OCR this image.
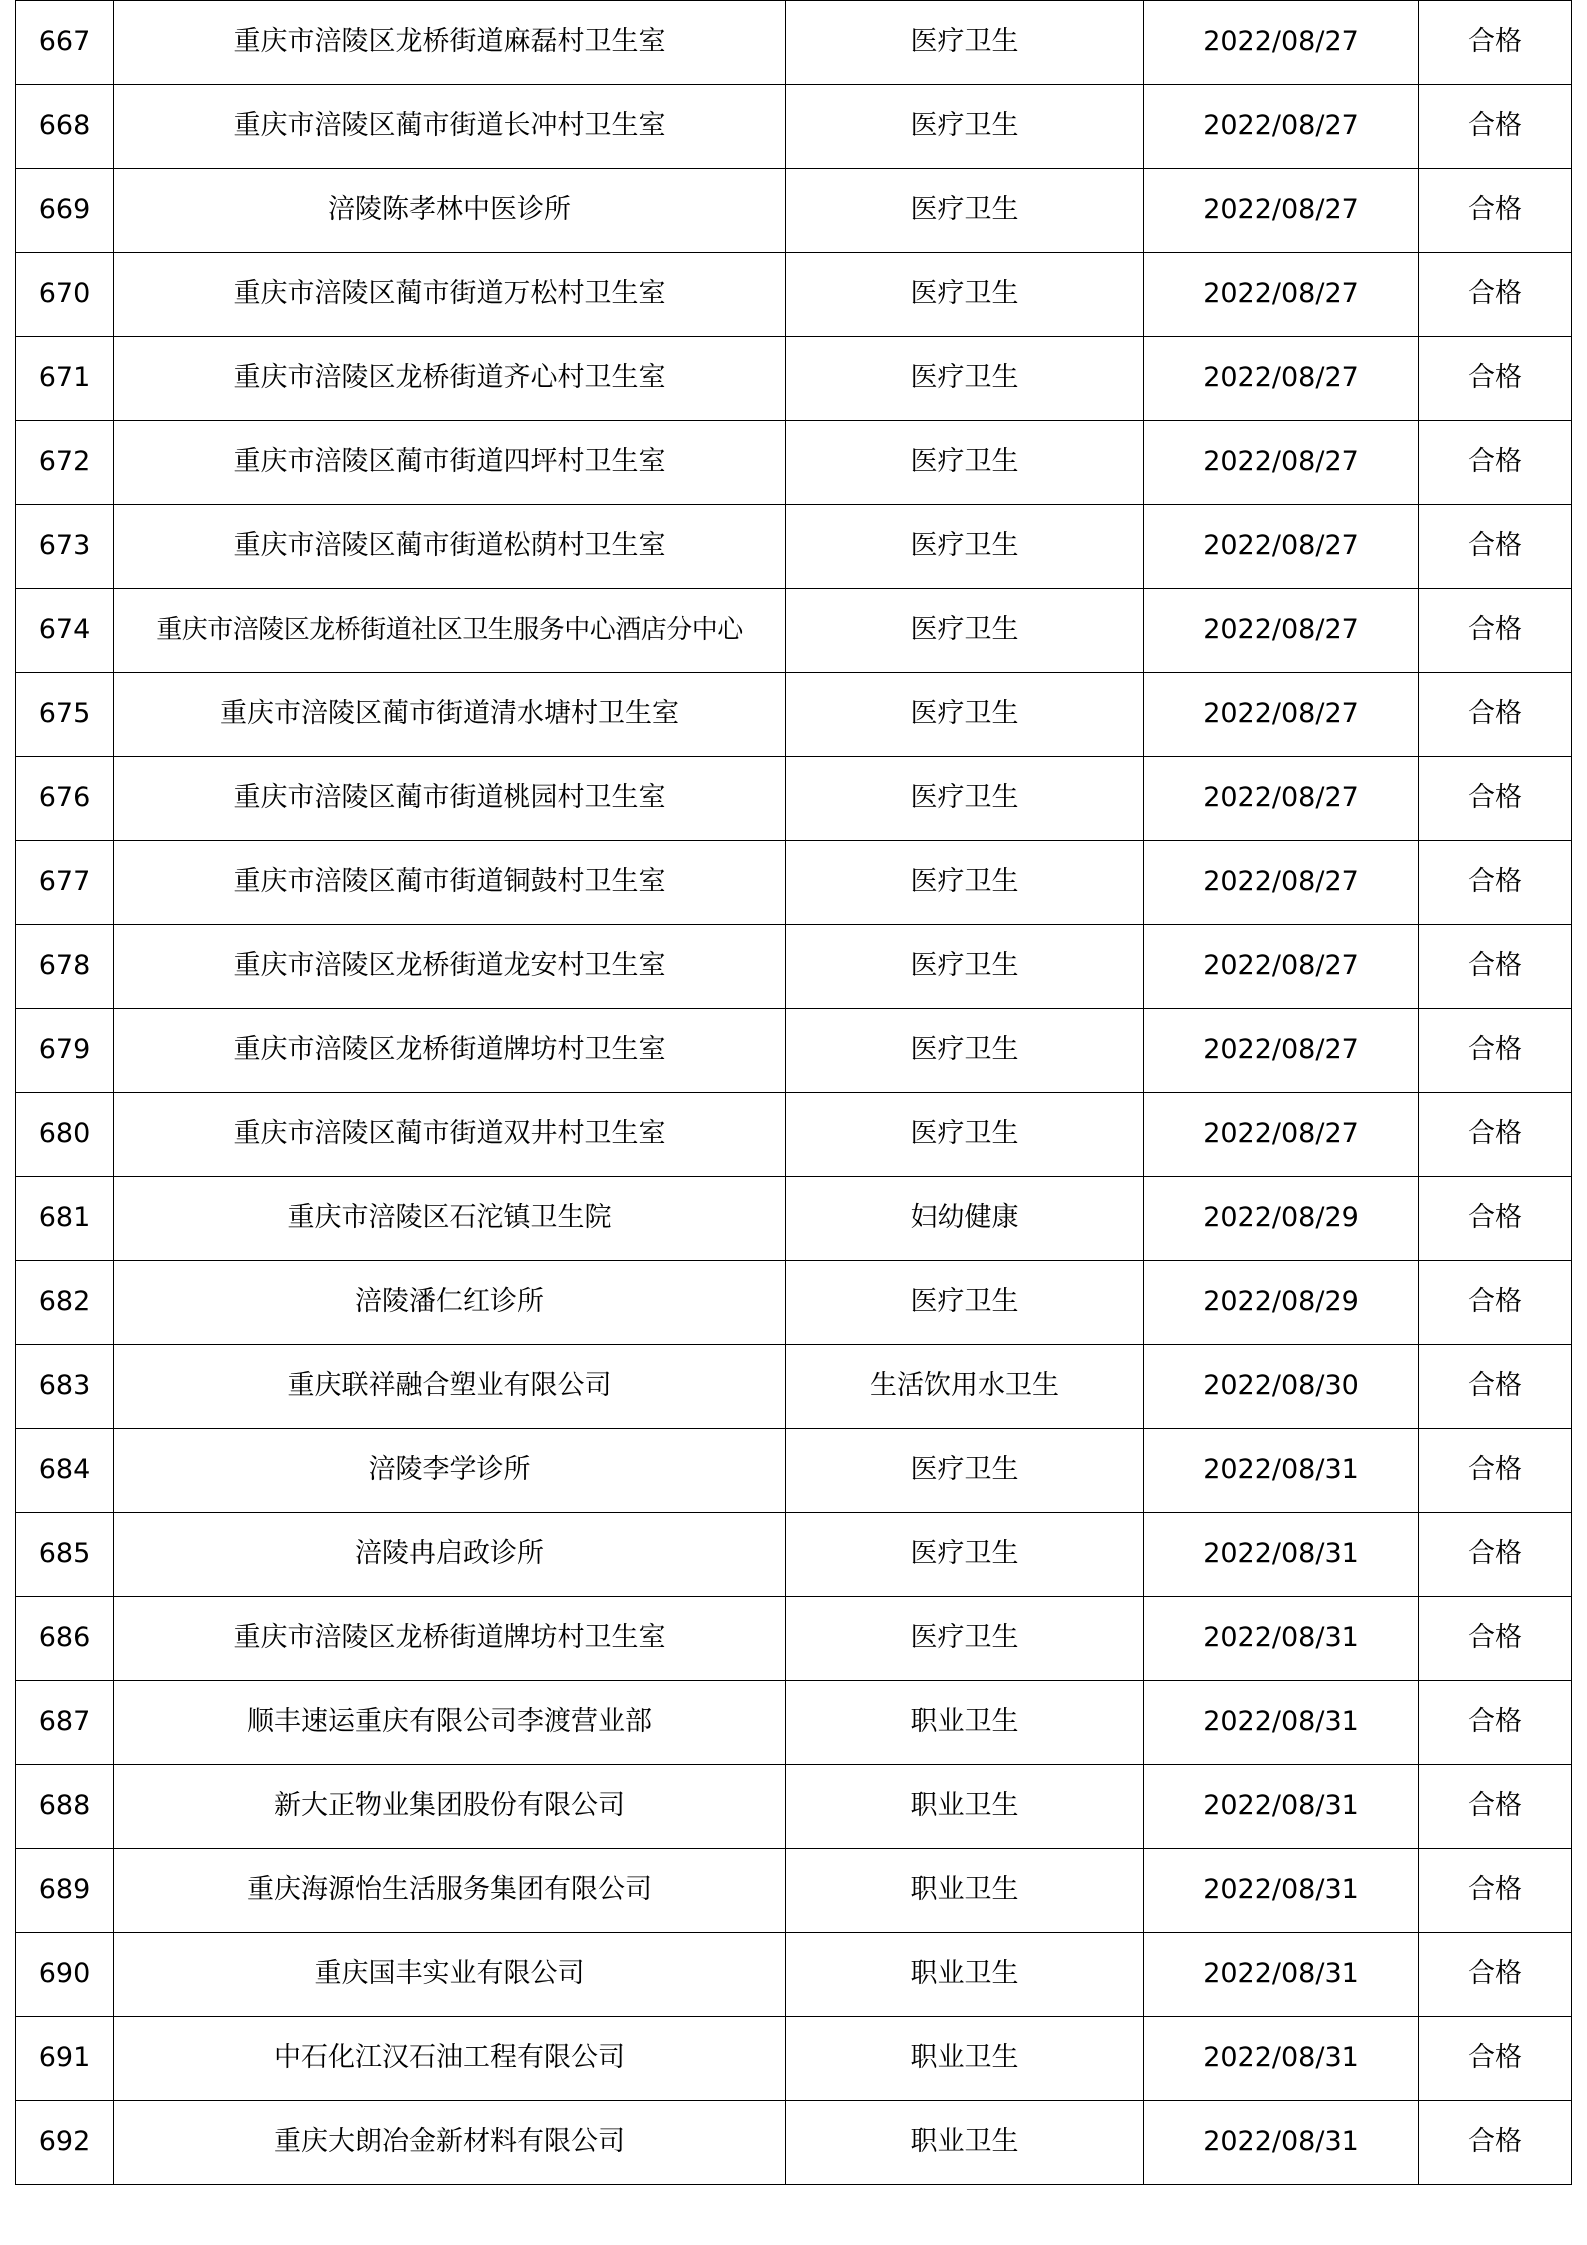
667	重庆市涪陵区龙桥街道麻磊村卫生室	医疗卫生	2022/08/27	合格
668	重庆市涪陵区蔺市街道长冲村卫生室	医疗卫生	2022/08/27	合格
669	涪陵陈孝林中医诊所	医疗卫生	2022/08/27	合格
670	重庆市涪陵区蔺市街道万松村卫生室	医疗卫生	2022/08/27	合格
671	重庆市涪陵区龙桥街道齐心村卫生室	医疗卫生	2022/08/27	合格
672	重庆市涪陵区蔺市街道四坪村卫生室	医疗卫生	2022/08/27	合格
673	重庆市涪陵区蔺市街道松荫村卫生室	医疗卫生	2022/08/27	合格
674	重庆市涪陵区龙桥街道社区卫生服务中心酒店分中心	医疗卫生	2022/08/27	合格
675	重庆市涪陵区蔺市街道清水塘村卫生室	医疗卫生	2022/08/27	合格
676	重庆市涪陵区蔺市街道桃园村卫生室	医疗卫生	2022/08/27	合格
677	重庆市涪陵区蔺市街道铜鼓村卫生室	医疗卫生	2022/08/27	合格
678	重庆市涪陵区龙桥街道龙安村卫生室	医疗卫生	2022/08/27	合格
679	重庆市涪陵区龙桥街道牌坊村卫生室	医疗卫生	2022/08/27	合格
680	重庆市涪陵区蔺市街道双井村卫生室	医疗卫生	2022/08/27	合格
681	重庆市涪陵区石沱镇卫生院	妇幼健康	2022/08/29	合格
682	涪陵潘仁红诊所	医疗卫生	2022/08/29	合格
683	重庆联祥融合塑业有限公司	生活饮用水卫生	2022/08/30	合格
684	涪陵李学诊所	医疗卫生	2022/08/31	合格
685	涪陵冉启政诊所	医疗卫生	2022/08/31	合格
686	重庆市涪陵区龙桥街道牌坊村卫生室	医疗卫生	2022/08/31	合格
687	顺丰速运重庆有限公司李渡营业部	职业卫生	2022/08/31	合格
688	新大正物业集团股份有限公司	职业卫生	2022/08/31	合格
689	重庆海源怡生活服务集团有限公司	职业卫生	2022/08/31	合格
690	重庆国丰实业有限公司	职业卫生	2022/08/31	合格
691	中石化江汉石油工程有限公司	职业卫生	2022/08/31	合格
692	重庆大朗冶金新材料有限公司	职业卫生	2022/08/31	合格
